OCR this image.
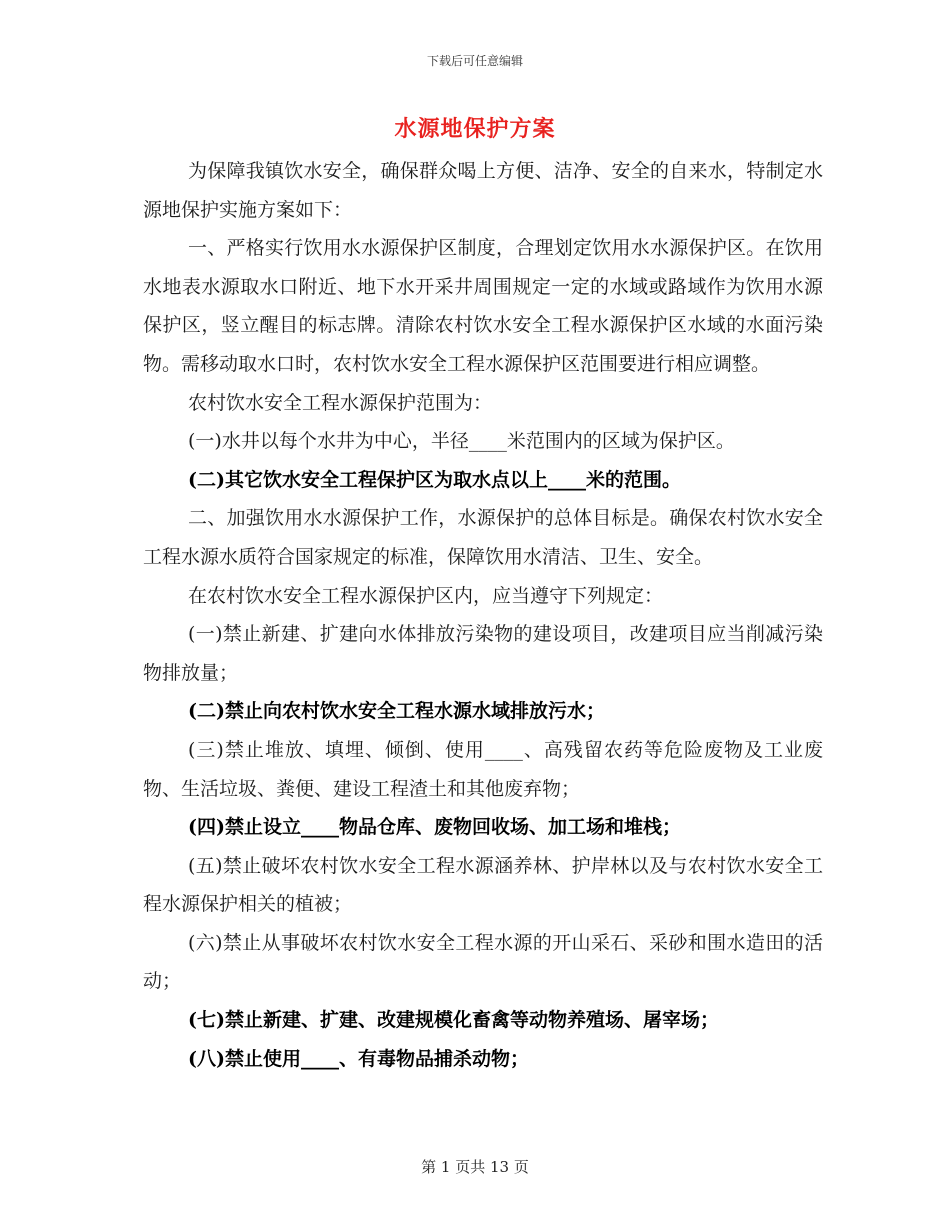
下载后可任意编辑
水源地保护方案

为保障我镇饮水安全，确保群众喝上方便、洁净、安全的自来水，特制定水源地保护实施方案如下：

一、严格实行饮用水水源保护区制度，合理划定饮用水水源保护区。在饮用水地表水源取水口附近、地下水开采井周围规定一定的水域或路域作为饮用水源保护区，竖立醒目的标志牌。清除农村饮水安全工程水源保护区水域的水面污染物。需移动取水口时，农村饮水安全工程水源保护区范围要进行相应调整。

农村饮水安全工程水源保护范围为：

(一)水井以每个水井为中心，半径____米范围内的区域为保护区。

(二)其它饮水安全工程保护区为取水点以上____米的范围。

二、加强饮用水水源保护工作，水源保护的总体目标是。确保农村饮水安全工程水源水质符合国家规定的标准，保障饮用水清洁、卫生、安全。

在农村饮水安全工程水源保护区内，应当遵守下列规定：

(一)禁止新建、扩建向水体排放污染物的建设项目，改建项目应当削减污染物排放量；

(二)禁止向农村饮水安全工程水源水域排放污水；

(三)禁止堆放、填埋、倾倒、使用____、高残留农药等危险废物及工业废物、生活垃圾、粪便、建设工程渣土和其他废弃物；

(四)禁止设立____物品仓库、废物回收场、加工场和堆栈；

(五)禁止破坏农村饮水安全工程水源涵养林、护岸林以及与农村饮水安全工程水源保护相关的植被；

(六)禁止从事破坏农村饮水安全工程水源的开山采石、采砂和围水造田的活动；

(七)禁止新建、扩建、改建规模化畜禽等动物养殖场、屠宰场；

(八)禁止使用____、有毒物品捕杀动物；

第 1 页共 13 页
